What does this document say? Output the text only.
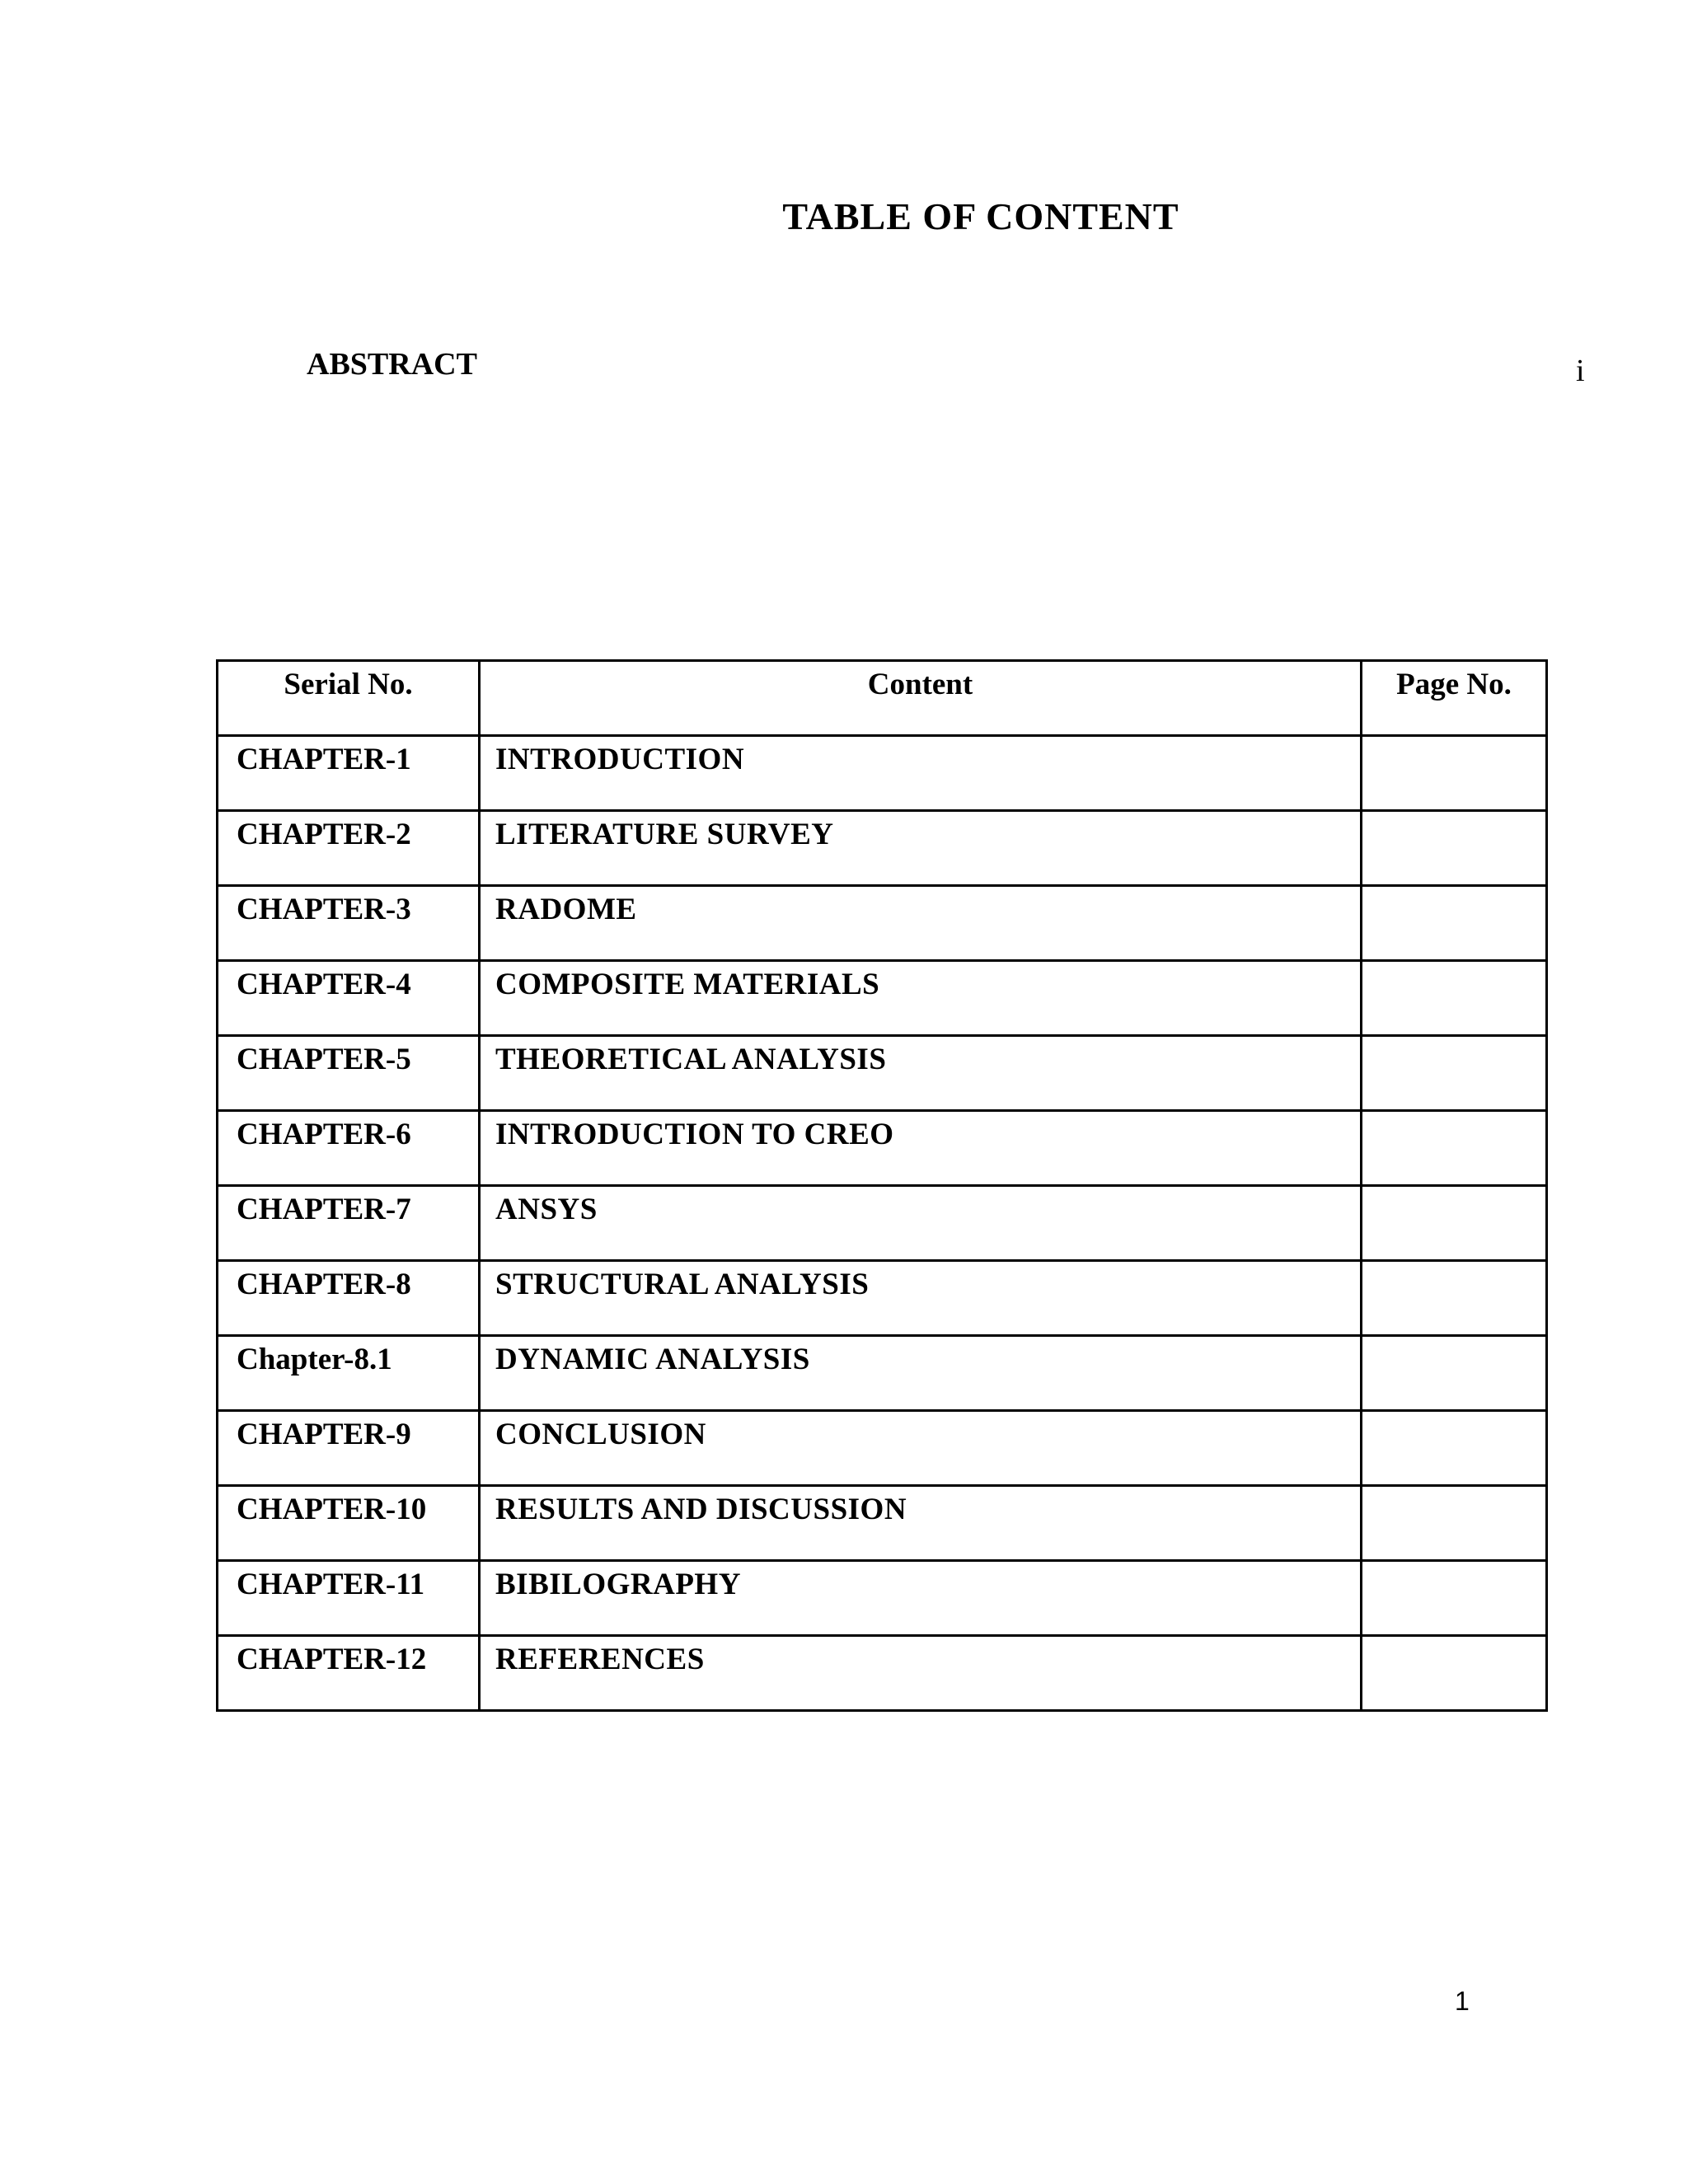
TABLE OF CONTENT
ABSTRACT	i
Serial No.	Content	Page No.
CHAPTER-1	INTRODUCTION	
CHAPTER-2	LITERATURE SURVEY	
CHAPTER-3	RADOME	
CHAPTER-4	COMPOSITE MATERIALS	
CHAPTER-5	THEORETICAL ANALYSIS	
CHAPTER-6	INTRODUCTION TO CREO	
CHAPTER-7	ANSYS	
CHAPTER-8	STRUCTURAL ANALYSIS	
Chapter-8.1	DYNAMIC ANALYSIS	
CHAPTER-9	CONCLUSION	
CHAPTER-10	RESULTS AND DISCUSSION	
CHAPTER-11	BIBILOGRAPHY	
CHAPTER-12	REFERENCES	
1
